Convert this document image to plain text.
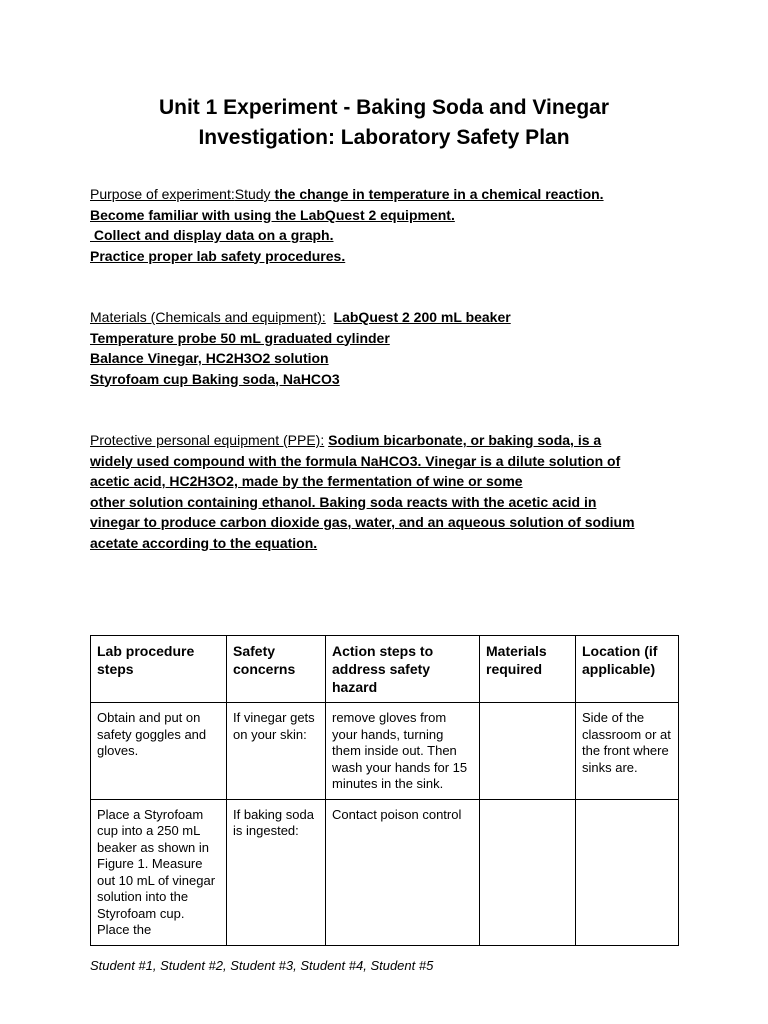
Unit 1 Experiment - Baking Soda and Vinegar
Investigation: Laboratory Safety Plan
Purpose of experiment:Study the change in temperature in a chemical reaction.
Become familiar with using the LabQuest 2 equipment.
Collect and display data on a graph.
Practice proper lab safety procedures.
Materials (Chemicals and equipment): LabQuest 2 200 mL beaker
Temperature probe 50 mL graduated cylinder
Balance Vinegar, HC2H3O2 solution
Styrofoam cup Baking soda, NaHCO3
Protective personal equipment (PPE): Sodium bicarbonate, or baking soda, is a
widely used compound with the formula NaHCO3. Vinegar is a dilute solution of
acetic acid, HC2H3O2, made by the fermentation of wine or some
other solution containing ethanol. Baking soda reacts with the acetic acid in
vinegar to produce carbon dioxide gas, water, and an aqueous solution of sodium
acetate according to the equation.
Lab procedure steps	Safety concerns	Action steps to address safety hazard	Materials required	Location (if applicable)
Obtain and put on safety goggles and gloves.	If vinegar gets on your skin:	remove gloves from your hands, turning them inside out. Then wash your hands for 15 minutes in the sink.		Side of the classroom or at the front where sinks are.

Place a Styrofoam cup into a 250 mL beaker as shown in Figure 1. Measure out 10 mL of vinegar solution into the Styrofoam cup. Place the	If baking soda is ingested:	Contact poison control		
Student #1, Student #2, Student #3, Student #4, Student #5
